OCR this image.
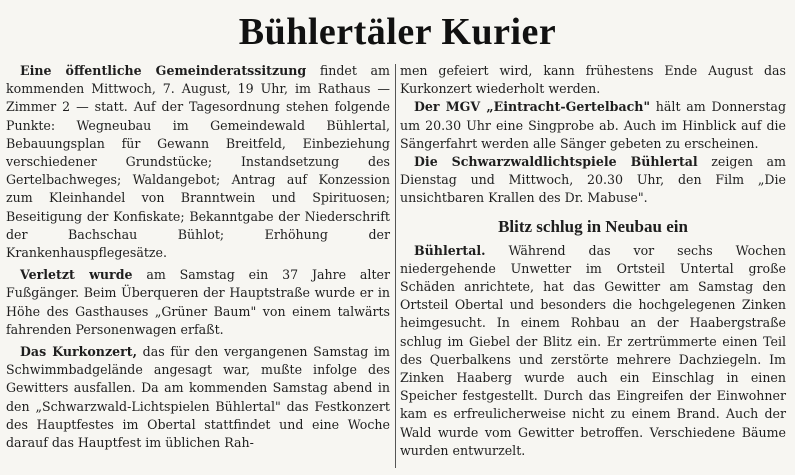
Bühlertäler Kurier

Eine öffentliche Gemeinderatssitzung findet am kommenden Mittwoch, 7. August, 19 Uhr, im Rathaus — Zimmer 2 — statt. Auf der Tagesordnung stehen folgende Punkte: Wegneubau im Gemeindewald Bühlertal, Bebauungsplan für Gewann Breitfeld, Einbeziehung verschiedener Grundstücke; Instandsetzung des Gertelbachweges; Waldangebot; Antrag auf Konzession zum Kleinhandel von Branntwein und Spirituosen; Beseitigung der Konfiskate; Bekanntgabe der Niederschrift der Bachschau Bühlot; Erhöhung der Krankenhauspflegesätze.

Verletzt wurde am Samstag ein 37 Jahre alter Fußgänger. Beim Überqueren der Hauptstraße wurde er in Höhe des Gasthauses „Grüner Baum" von einem talwärts fahrenden Personenwagen erfaßt.

Das Kurkonzert, das für den vergangenen Samstag im Schwimmbadgelände angesagt war, mußte infolge des Gewitters ausfallen. Da am kommenden Samstag abend in den „Schwarzwald-Lichtspielen Bühlertal" das Festkonzert des Hauptfestes im Obertal stattfindet und eine Woche darauf das Hauptfest im üblichen Rah-

men gefeiert wird, kann frühestens Ende August das Kurkonzert wiederholt werden.

Der MGV „Eintracht-Gertelbach" hält am Donnerstag um 20.30 Uhr eine Singprobe ab. Auch im Hinblick auf die Sängerfahrt werden alle Sänger gebeten zu erscheinen.

Die Schwarzwaldlichtspiele Bühlertal zeigen am Dienstag und Mittwoch, 20.30 Uhr, den Film „Die unsichtbaren Krallen des Dr. Mabuse".

Blitz schlug in Neubau ein

Bühlertal. Während das vor sechs Wochen niedergehende Unwetter im Ortsteil Untertal große Schäden anrichtete, hat das Gewitter am Samstag den Ortsteil Obertal und besonders die hochgelegenen Zinken heimgesucht. In einem Rohbau an der Haabergstraße schlug im Giebel der Blitz ein. Er zertrümmerte einen Teil des Querbalkens und zerstörte mehrere Dachziegeln. Im Zinken Haaberg wurde auch ein Einschlag in einen Speicher festgestellt. Durch das Eingreifen der Einwohner kam es erfreulicherweise nicht zu einem Brand. Auch der Wald wurde vom Gewitter betroffen. Verschiedene Bäume wurden entwurzelt.
